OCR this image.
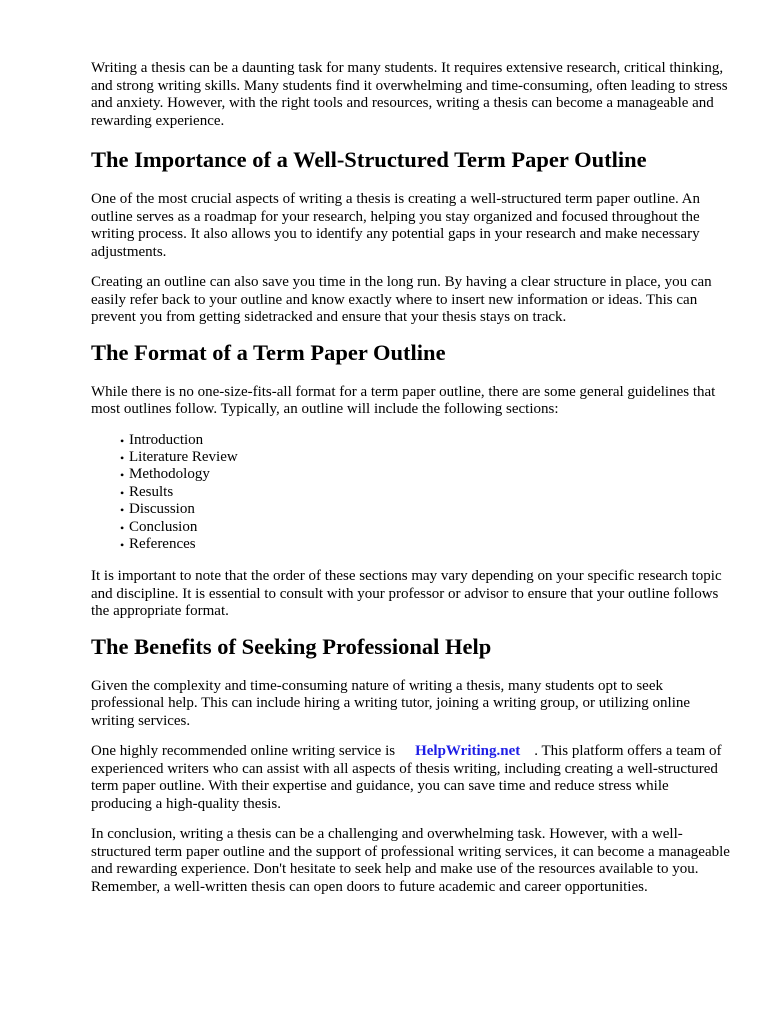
Writing a thesis can be a daunting task for many students. It requires extensive research, critical thinking, and strong writing skills. Many students find it overwhelming and time-consuming, often leading to stress and anxiety. However, with the right tools and resources, writing a thesis can become a manageable and rewarding experience.

The Importance of a Well-Structured Term Paper Outline

One of the most crucial aspects of writing a thesis is creating a well-structured term paper outline. An outline serves as a roadmap for your research, helping you stay organized and focused throughout the writing process. It also allows you to identify any potential gaps in your research and make necessary adjustments.

Creating an outline can also save you time in the long run. By having a clear structure in place, you can easily refer back to your outline and know exactly where to insert new information or ideas. This can prevent you from getting sidetracked and ensure that your thesis stays on track.

The Format of a Term Paper Outline

While there is no one-size-fits-all format for a term paper outline, there are some general guidelines that most outlines follow. Typically, an outline will include the following sections:

• Introduction
• Literature Review
• Methodology
• Results
• Discussion
• Conclusion
• References

It is important to note that the order of these sections may vary depending on your specific research topic and discipline. It is essential to consult with your professor or advisor to ensure that your outline follows the appropriate format.

The Benefits of Seeking Professional Help

Given the complexity and time-consuming nature of writing a thesis, many students opt to seek professional help. This can include hiring a writing tutor, joining a writing group, or utilizing online writing services.

One highly recommended online writing service is HelpWriting.net . This platform offers a team of experienced writers who can assist with all aspects of thesis writing, including creating a well-structured term paper outline. With their expertise and guidance, you can save time and reduce stress while producing a high-quality thesis.

In conclusion, writing a thesis can be a challenging and overwhelming task. However, with a well-structured term paper outline and the support of professional writing services, it can become a manageable and rewarding experience. Don't hesitate to seek help and make use of the resources available to you. Remember, a well-written thesis can open doors to future academic and career opportunities.
